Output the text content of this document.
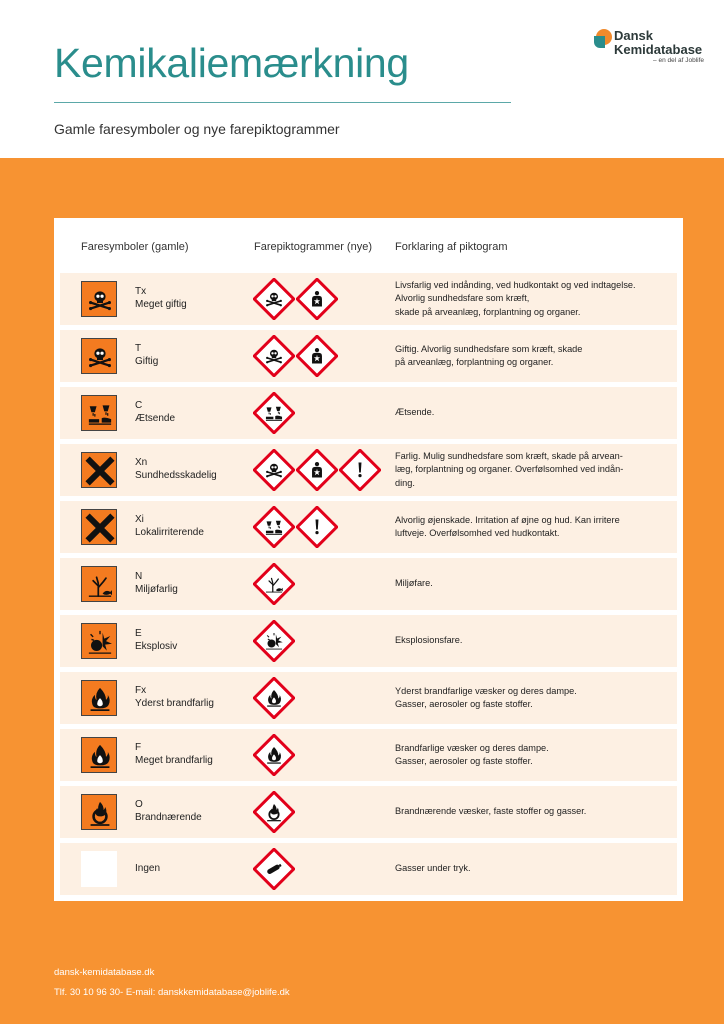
Kemikaliemærkning
Gamle faresymboler og nye farepiktogrammer
Dansk
Kemidatabase
– en del af Joblife
Faresymboler (gamle)	Farepiktogrammer (nye) Forklaring af piktogram
Tx
Meget giftig
Livsfarlig ved indånding, ved hudkontakt og ved indtagelse.
Alvorlig sundhedsfare som kræft,
skade på arveanlæg, forplantning og organer.
T
Giftig
Giftig. Alvorlig sundhedsfare som kræft, skade
på arveanlæg, forplantning og organer.
C
Ætsende
Ætsende.
Xn
Sundhedsskadelig
Farlig. Mulig sundhedsfare som kræft, skade på arvean-
læg, forplantning og organer. Overfølsomhed ved indån-
ding.
Xi
Lokalirriterende
Alvorlig øjenskade. Irritation af øjne og hud. Kan irritere
luftveje. Overfølsomhed ved hudkontakt.
N
Miljøfarlig
Miljøfare.
E
Eksplosiv
Eksplosionsfare.
Fx
Yderst brandfarlig
Yderst brandfarlige væsker og deres dampe.
Gasser, aerosoler og faste stoffer.
F
Meget brandfarlig
Brandfarlige væsker og deres dampe.
Gasser, aerosoler og faste stoffer.
O
Brandnærende
Brandnærende væsker, faste stoffer og gasser.
Ingen	Gasser under tryk.
dansk-kemidatabase.dk
Tlf. 30 10 96 30- E-mail: danskkemidatabase@joblife.dk
